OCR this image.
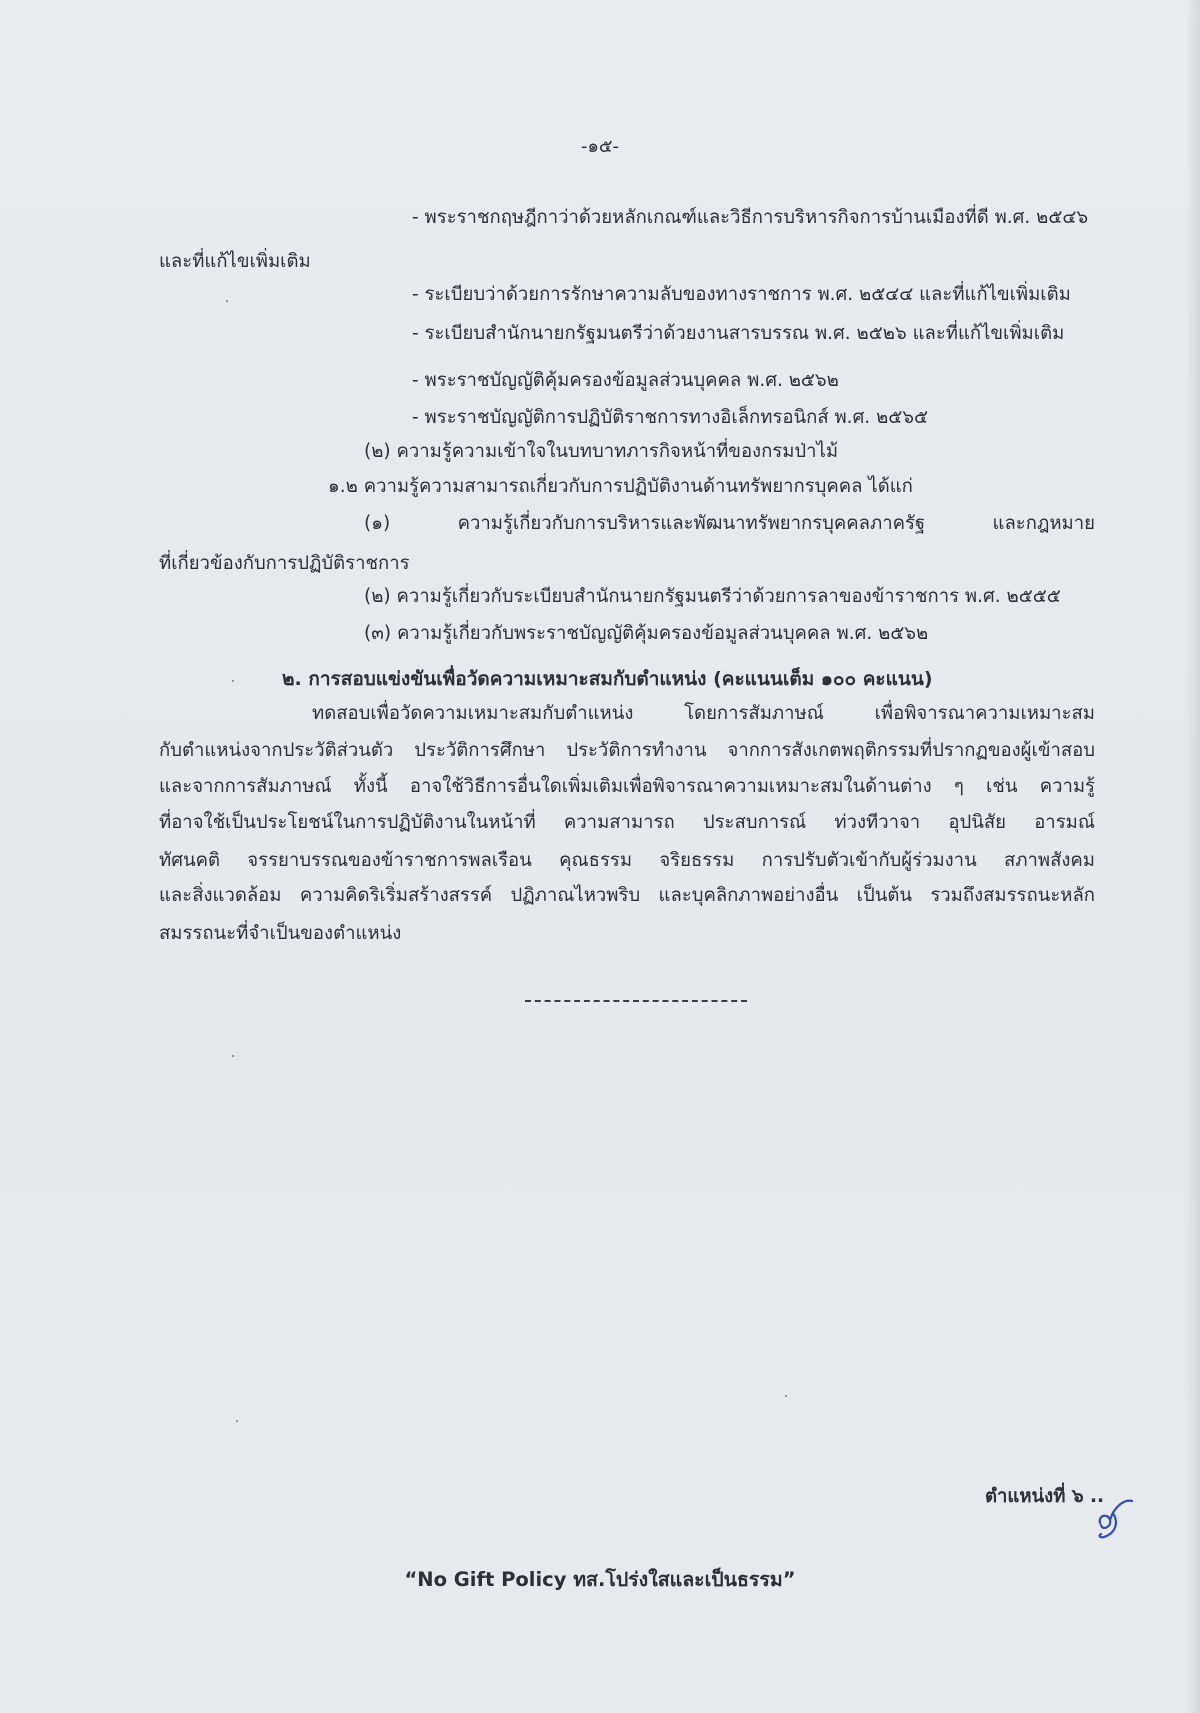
-๑๕-
- พระราชกฤษฎีกาว่าด้วยหลักเกณฑ์และวิธีการบริหารกิจการบ้านเมืองที่ดี พ.ศ. ๒๕๔๖
และที่แก้ไขเพิ่มเติม
- ระเบียบว่าด้วยการรักษาความลับของทางราชการ พ.ศ. ๒๕๔๔ และที่แก้ไขเพิ่มเติม
- ระเบียบสำนักนายกรัฐมนตรีว่าด้วยงานสารบรรณ พ.ศ. ๒๕๒๖ และที่แก้ไขเพิ่มเติม
- พระราชบัญญัติคุ้มครองข้อมูลส่วนบุคคล พ.ศ. ๒๕๖๒
- พระราชบัญญัติการปฏิบัติราชการทางอิเล็กทรอนิกส์ พ.ศ. ๒๕๖๕
(๒) ความรู้ความเข้าใจในบทบาทภารกิจหน้าที่ของกรมป่าไม้
๑.๒ ความรู้ความสามารถเกี่ยวกับการปฏิบัติงานด้านทรัพยากรบุคคล ได้แก่
(๑) ความรู้เกี่ยวกับการบริหารและพัฒนาทรัพยากรบุคคลภาครัฐ และกฎหมาย
ที่เกี่ยวข้องกับการปฏิบัติราชการ
(๒) ความรู้เกี่ยวกับระเบียบสำนักนายกรัฐมนตรีว่าด้วยการลาของข้าราชการ พ.ศ. ๒๕๕๕
(๓) ความรู้เกี่ยวกับพระราชบัญญัติคุ้มครองข้อมูลส่วนบุคคล พ.ศ. ๒๕๖๒
๒. การสอบแข่งขันเพื่อวัดความเหมาะสมกับตำแหน่ง (คะแนนเต็ม ๑๐๐ คะแนน)
ทดสอบเพื่อวัดความเหมาะสมกับตำแหน่ง โดยการสัมภาษณ์ เพื่อพิจารณาความเหมาะสม
กับตำแหน่งจากประวัติส่วนตัว ประวัติการศึกษา ประวัติการทำงาน จากการสังเกตพฤติกรรมที่ปรากฏของผู้เข้าสอบ
และจากการสัมภาษณ์ ทั้งนี้ อาจใช้วิธีการอื่นใดเพิ่มเติมเพื่อพิจารณาความเหมาะสมในด้านต่าง ๆ เช่น ความรู้
ที่อาจใช้เป็นประโยชน์ในการปฏิบัติงานในหน้าที่ ความสามารถ ประสบการณ์ ท่วงทีวาจา อุปนิสัย อารมณ์
ทัศนคติ จรรยาบรรณของข้าราชการพลเรือน คุณธรรม จริยธรรม การปรับตัวเข้ากับผู้ร่วมงาน สภาพสังคม
และสิ่งแวดล้อม ความคิดริเริ่มสร้างสรรค์ ปฏิภาณไหวพริบ และบุคลิกภาพอย่างอื่น เป็นต้น รวมถึงสมรรถนะหลัก
สมรรถนะที่จำเป็นของตำแหน่ง
ตำแหน่งที่ ๖ ..
“No Gift Policy ทส.โปร่งใสและเป็นธรรม”
